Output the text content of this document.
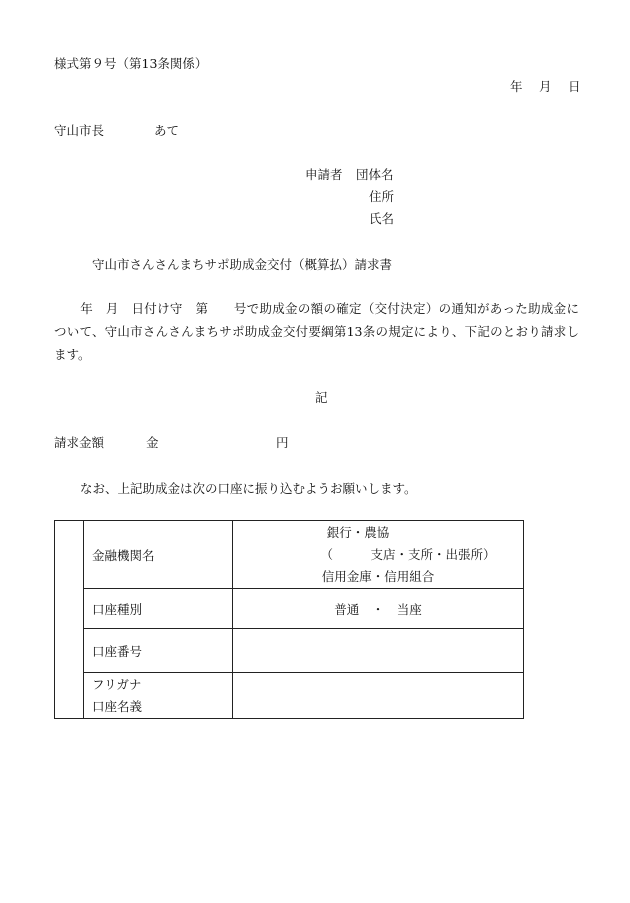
様式第９号（第13条関係）
年　月　日
守山市長　　　　あて
申請者 団体名
住所
氏名
守山市さんさんまちサポ助成金交付（概算払）請求書
年　月　日付け守　第　　号で助成金の額の確定（交付決定）の通知があった助成金について、守山市さんさんまちサポ助成金交付要綱第13条の規定により、下記のとおり請求します。
記
請求金額	金	円
なお、上記助成金は次の口座に振り込むようお願いします。
	金融機関名	銀行・農協
（　　　支店・支所・出張所）
信用金庫・信用組合

	口座種別	普通　・　当座
	口座番号	

	フリガナ
口座名義	
